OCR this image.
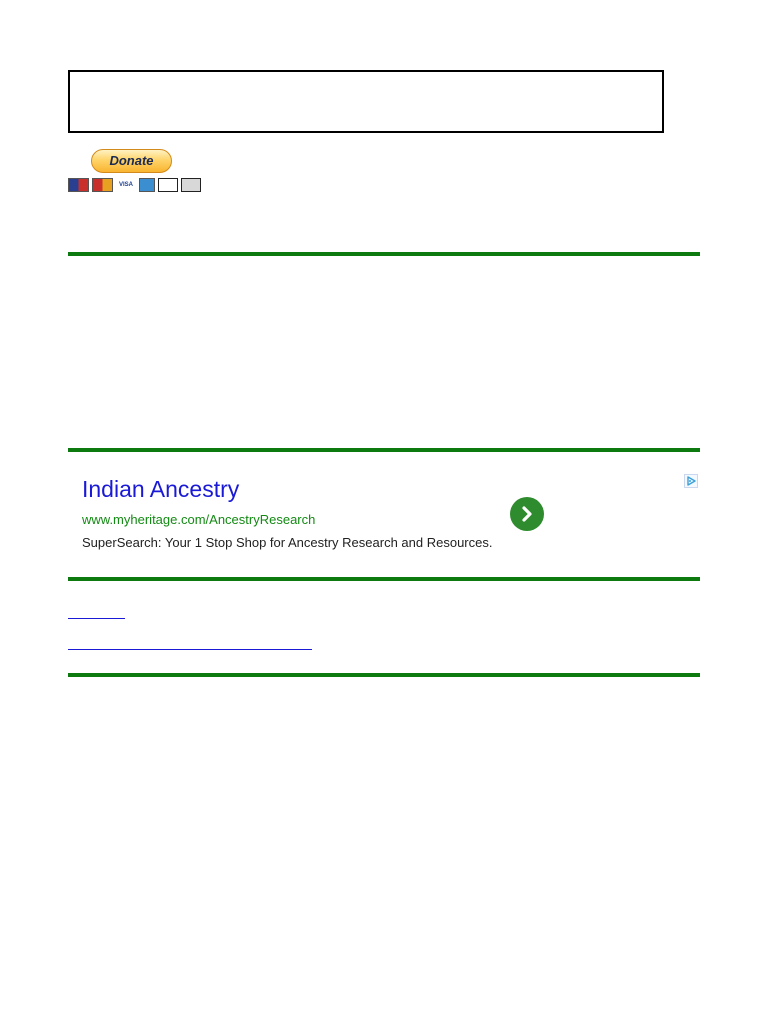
Donate
VISA
Indian Ancestry
www.myheritage.com/AncestryResearch
SuperSearch: Your 1 Stop Shop for Ancestry Research and Resources.
